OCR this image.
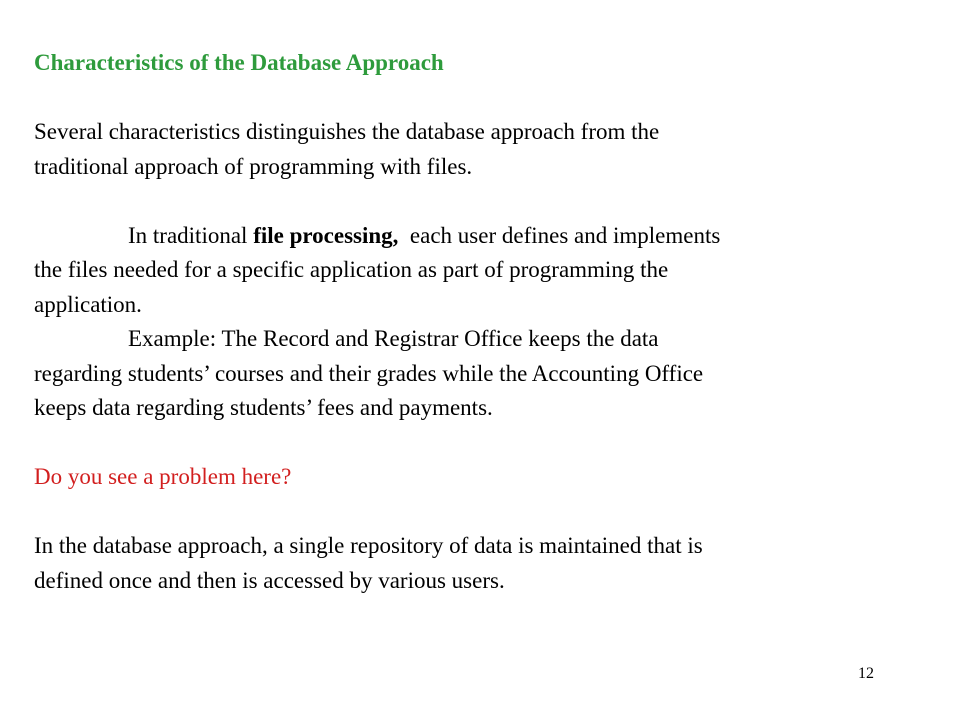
Characteristics of the Database Approach
Several characteristics distinguishes the database approach from the
traditional approach of programming with files.
In traditional file processing,  each user defines and implements
the files needed for a specific application as part of programming the
application.
Example: The Record and Registrar Office keeps the data
regarding students’ courses and their grades while the Accounting Office
keeps data regarding students’ fees and payments.
Do you see a problem here?
In the database approach, a single repository of data is maintained that is
defined once and then is accessed by various users.
12
